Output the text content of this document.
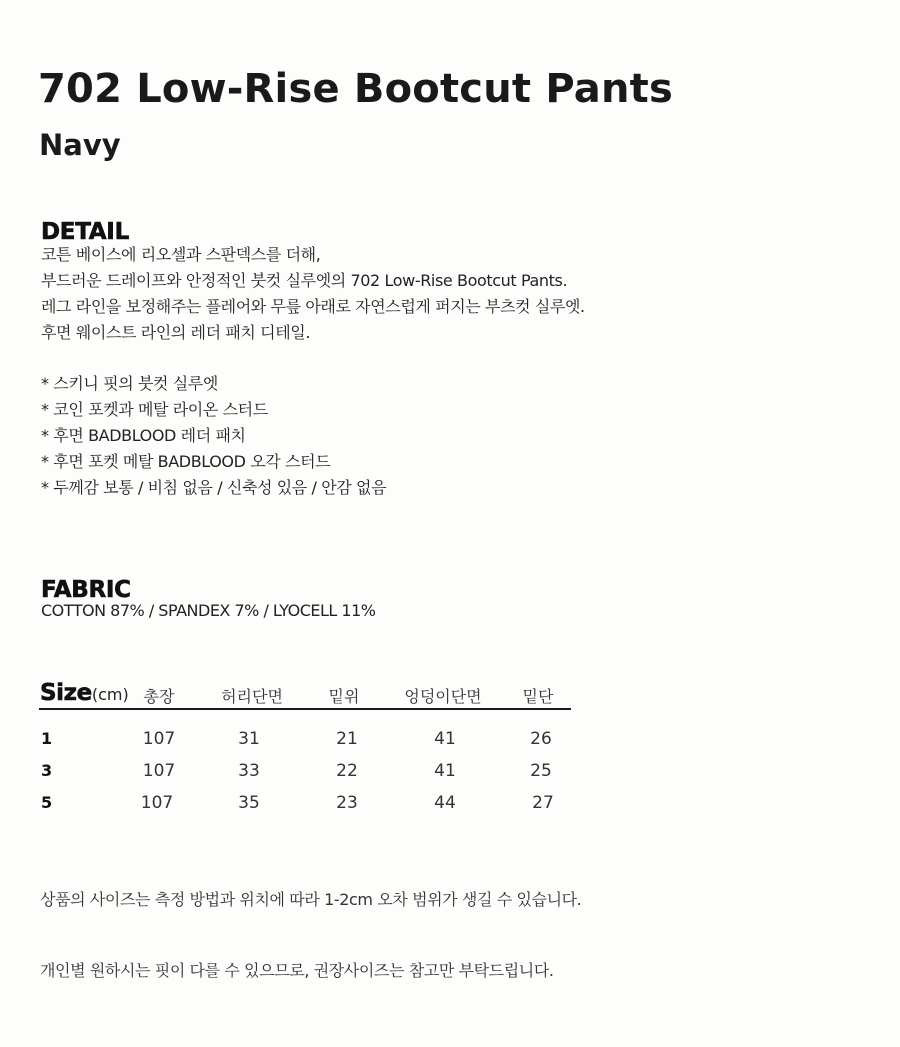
702 Low-Rise Bootcut Pants
Navy
DETAIL
코튼 베이스에 리오셀과 스판덱스를 더해,
부드러운 드레이프와 안정적인 붓컷 실루엣의 702 Low-Rise Bootcut Pants.
레그 라인을 보정해주는 플레어와 무릎 아래로 자연스럽게 퍼지는 부츠컷 실루엣.
후면 웨이스트 라인의 레더 패치 디테일.
* 스키니 핏의 붓컷 실루엣
* 코인 포켓과 메탈 라이온 스터드
* 후면 BADBLOOD 레더 패치
* 후면 포켓 메탈 BADBLOOD 오각 스터드
* 두께감 보통 / 비침 없음 / 신축성 있음 / 안감 없음
FABRIC
COTTON 87% / SPANDEX 7% / LYOCELL 11%
Size(cm) 총장	허리단면	밑위	엉덩이단면	밑단
1	107	31	21	41	26
3	107	33	22	41	25
5	107	35	23	44	27
상품의 사이즈는 측정 방법과 위치에 따라 1-2cm 오차 범위가 생길 수 있습니다.
개인별 원하시는 핏이 다를 수 있으므로, 권장사이즈는 참고만 부탁드립니다.
